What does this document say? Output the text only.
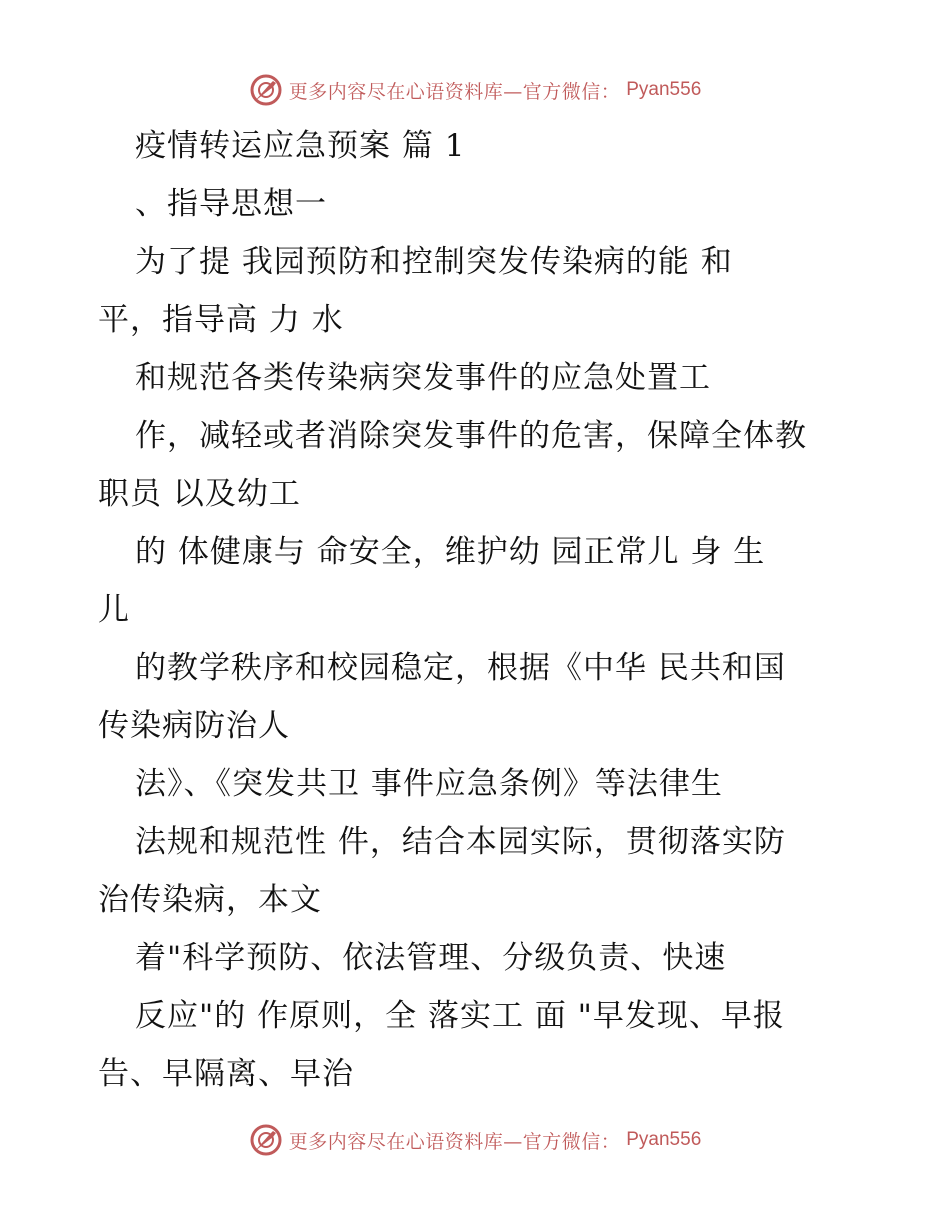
更多内容尽在心语资料库—官方微信： Pyan556
疫情转运应急预案 篇 1
、指导思想一
为了提 我园预防和控制突发传染病的能 和
平，指导高 力 水
和规范各类传染病突发事件的应急处置工
作，减轻或者消除突发事件的危害，保障全体教
职员 以及幼工
的 体健康与 命安全，维护幼 园正常儿 身 生
儿
的教学秩序和校园稳定，根据《中华 民共和国
传染病防治人
法》、《突发共卫 事件应急条例》等法律生
法规和规范性 件，结合本园实际，贯彻落实防
治传染病，本文
着"科学预防、依法管理、分级负责、快速
反应"的 作原则，全 落实工 面 "早发现、早报
告、早隔离、早治
更多内容尽在心语资料库—官方微信： Pyan556
